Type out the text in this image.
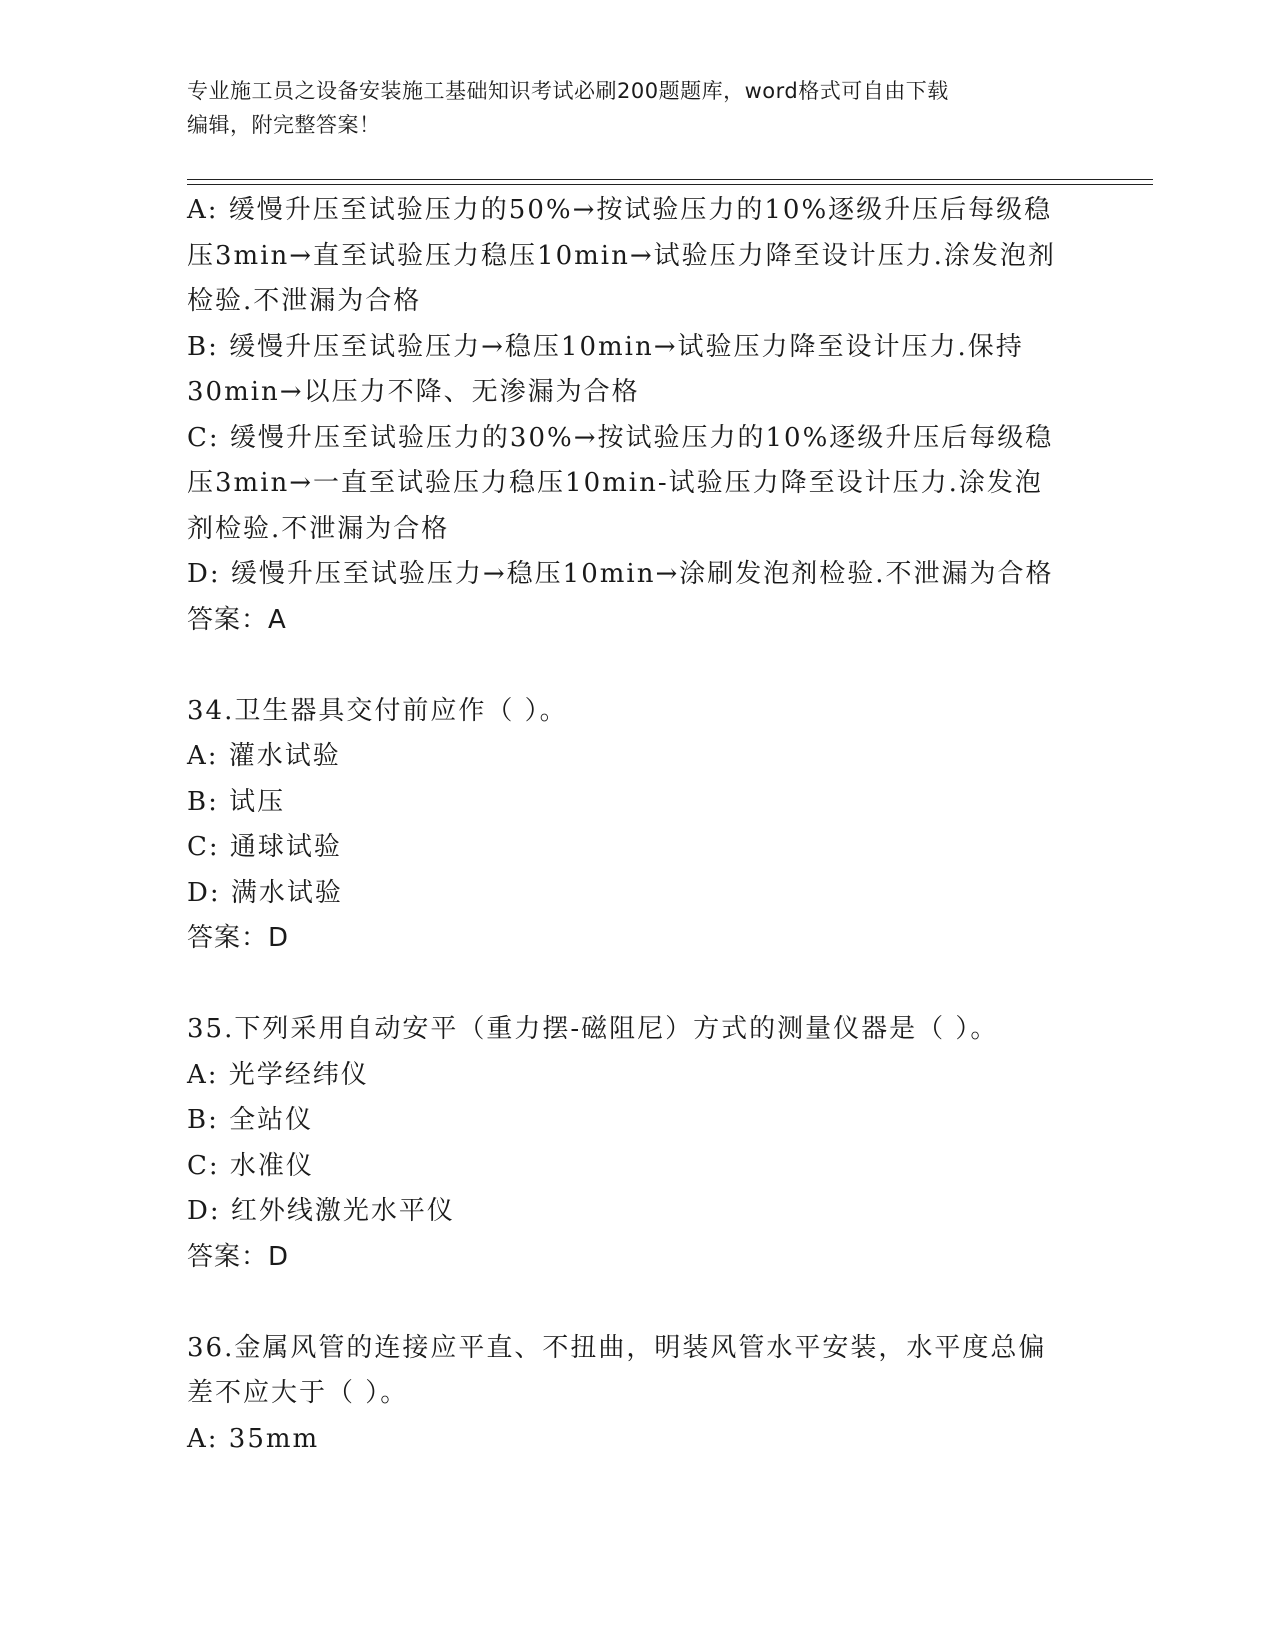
专业施工员之设备安装施工基础知识考试必刷200题题库，word格式可自由下载
编辑，附完整答案！
A: 缓慢升压至试验压力的50%→按试验压力的10%逐级升压后每级稳
压3min→直至试验压力稳压10min→试验压力降至设计压力.涂发泡剂
检验.不泄漏为合格
B: 缓慢升压至试验压力→稳压10min→试验压力降至设计压力.保持
30min→以压力不降、无渗漏为合格
C: 缓慢升压至试验压力的30%→按试验压力的10%逐级升压后每级稳
压3min→一直至试验压力稳压10min-试验压力降至设计压力.涂发泡
剂检验.不泄漏为合格
D: 缓慢升压至试验压力→稳压10min→涂刷发泡剂检验.不泄漏为合格
答案：A
34.卫生器具交付前应作（ ）。
A: 灌水试验
B: 试压
C: 通球试验
D: 满水试验
答案：D
35.下列采用自动安平（重力摆-磁阻尼）方式的测量仪器是（ ）。
A: 光学经纬仪
B: 全站仪
C: 水准仪
D: 红外线激光水平仪
答案：D
36.金属风管的连接应平直、不扭曲，明装风管水平安装，水平度总偏
差不应大于（ ）。
A: 35mm
